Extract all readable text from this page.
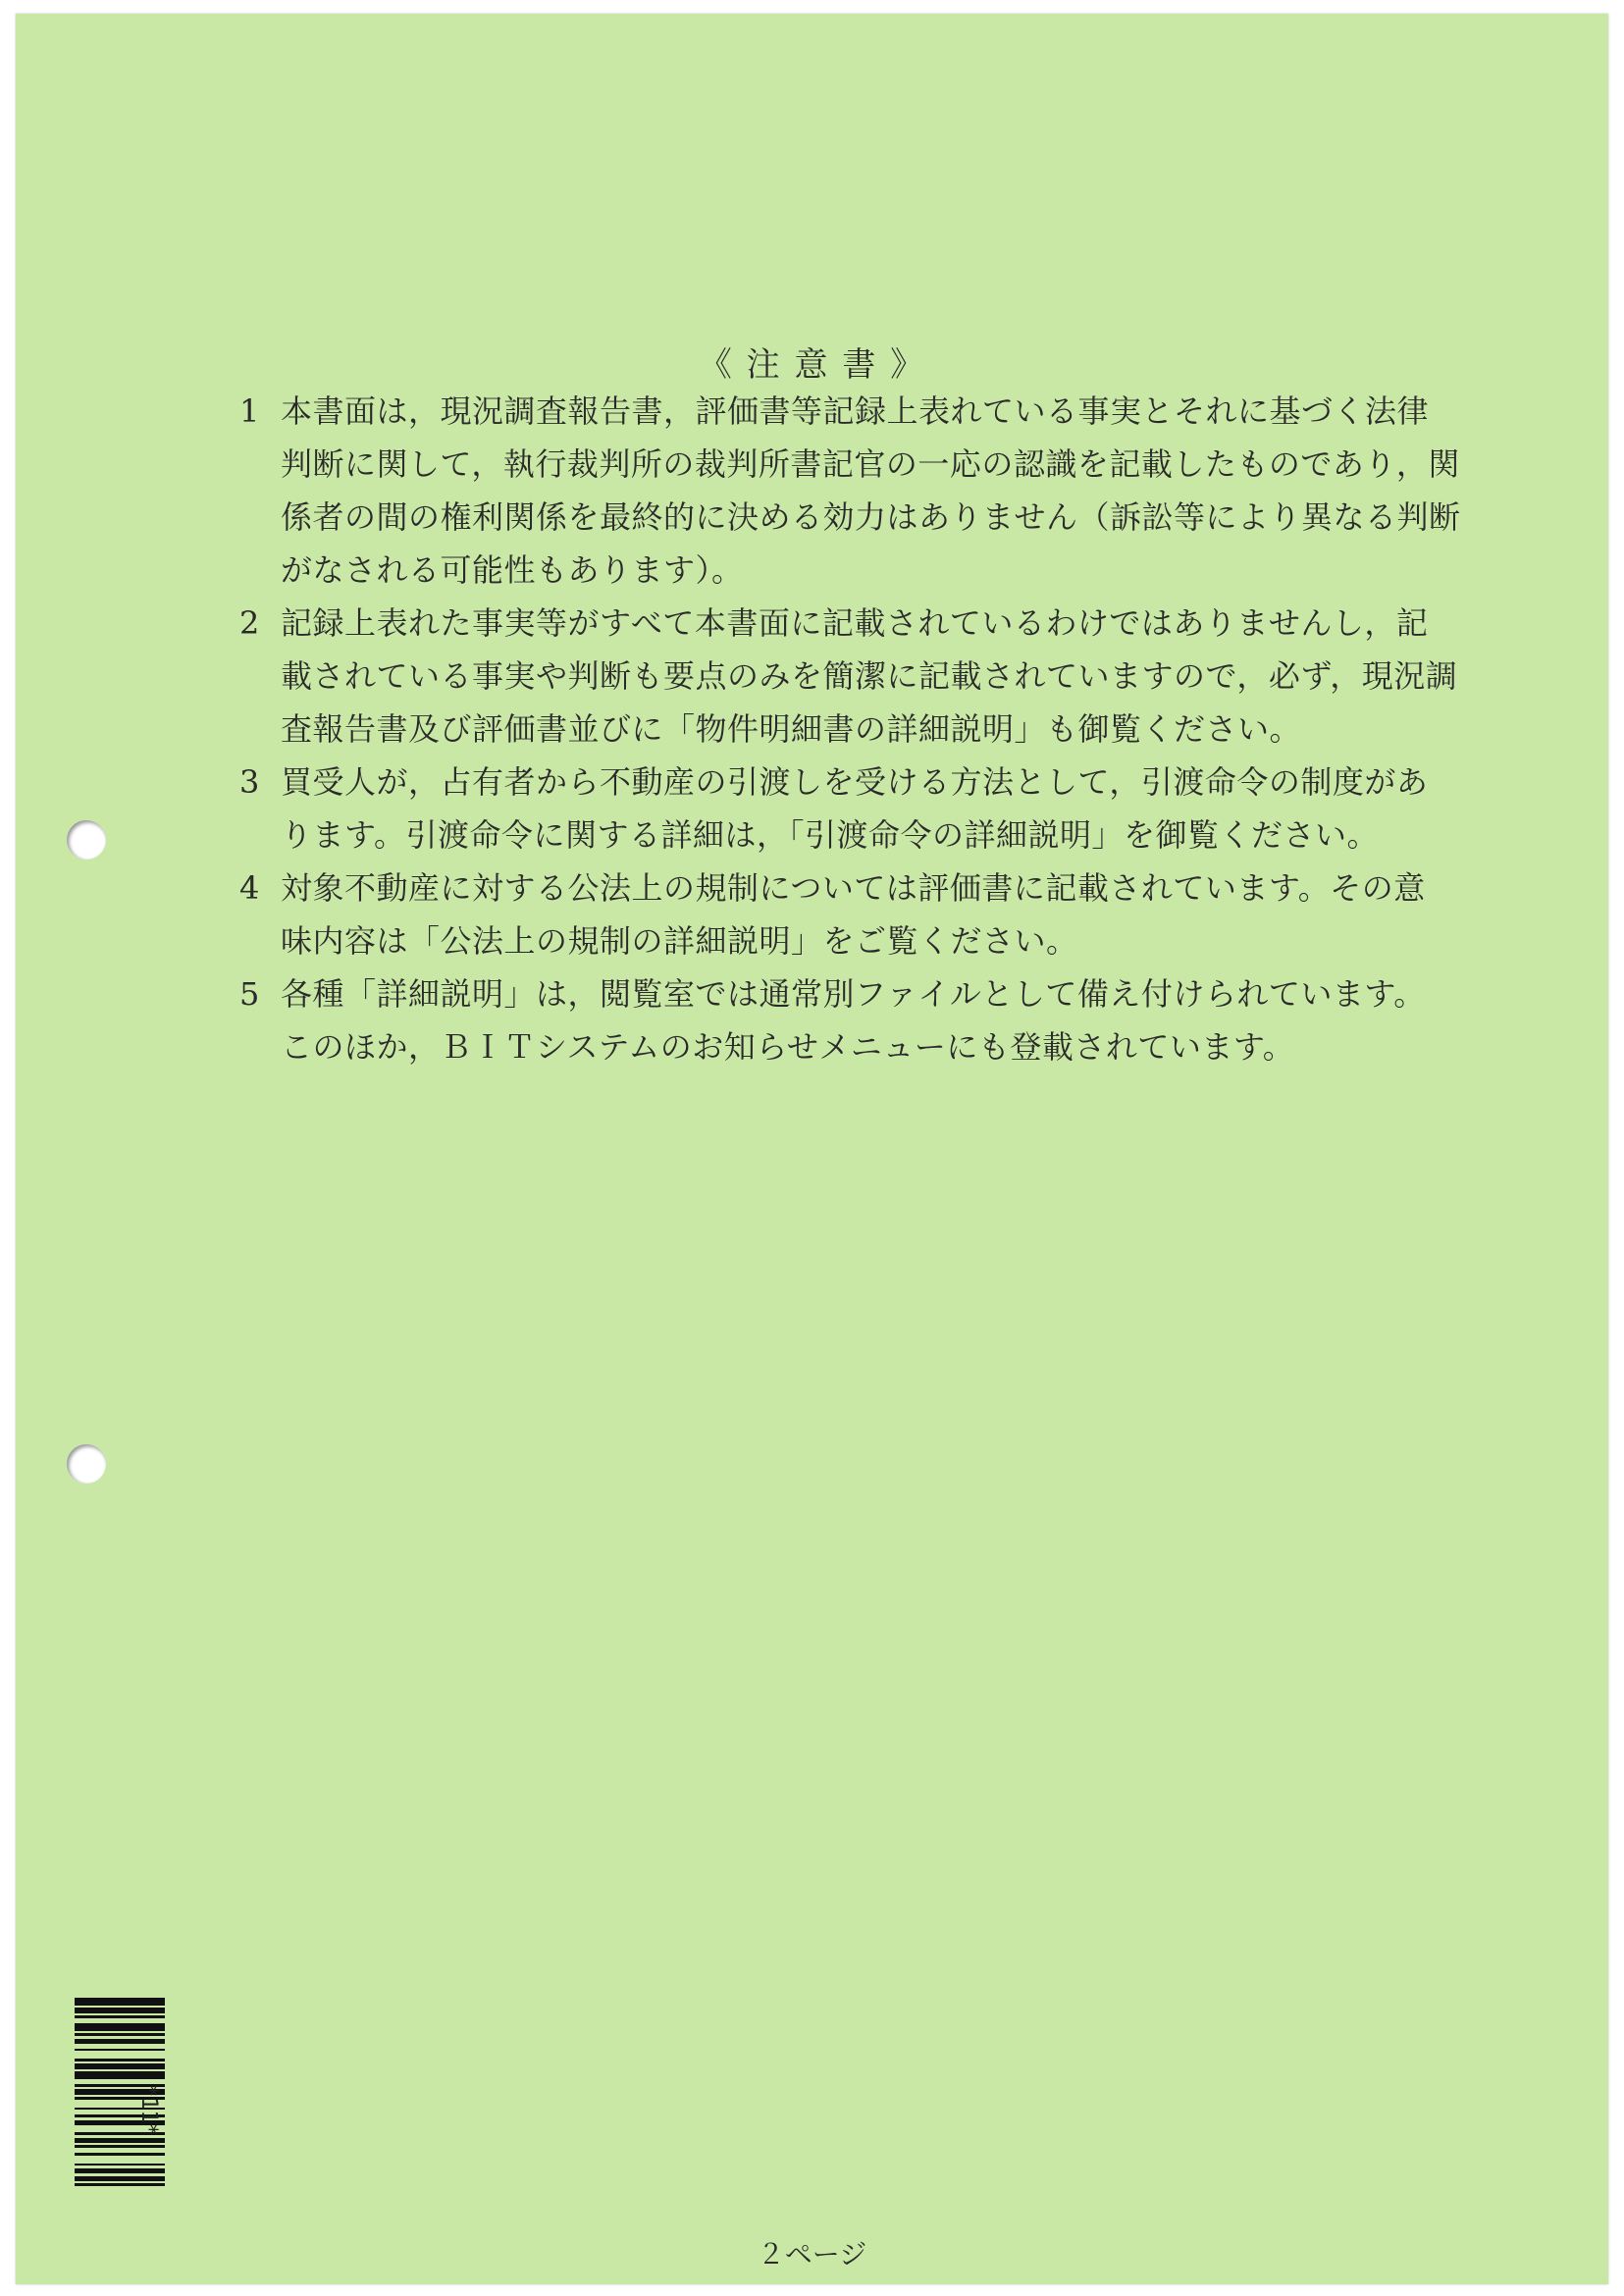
《 注 意 書 》
1 本書面は，現況調査報告書，評価書等記録上表れている事実とそれに基づく法律
判断に関して，執行裁判所の裁判所書記官の一応の認識を記載したものであり，関
係者の間の権利関係を最終的に決める効力はありません（訴訟等により異なる判断
がなされる可能性もあります）。
2 記録上表れた事実等がすべて本書面に記載されているわけではありませんし，記
載されている事実や判断も要点のみを簡潔に記載されていますので，必ず，現況調
査報告書及び評価書並びに「物件明細書の詳細説明」も御覧ください。
3 買受人が，占有者から不動産の引渡しを受ける方法として，引渡命令の制度があ
ります。引渡命令に関する詳細は，「引渡命令の詳細説明」を御覧ください。
4 対象不動産に対する公法上の規制については評価書に記載されています。その意
味内容は「公法上の規制の詳細説明」をご覧ください。
5 各種「詳細説明」は，閲覧室では通常別ファイルとして備え付けられています。
このほか，ＢＩＴシステムのお知らせメニューにも登載されています。
*11*
２ページ
